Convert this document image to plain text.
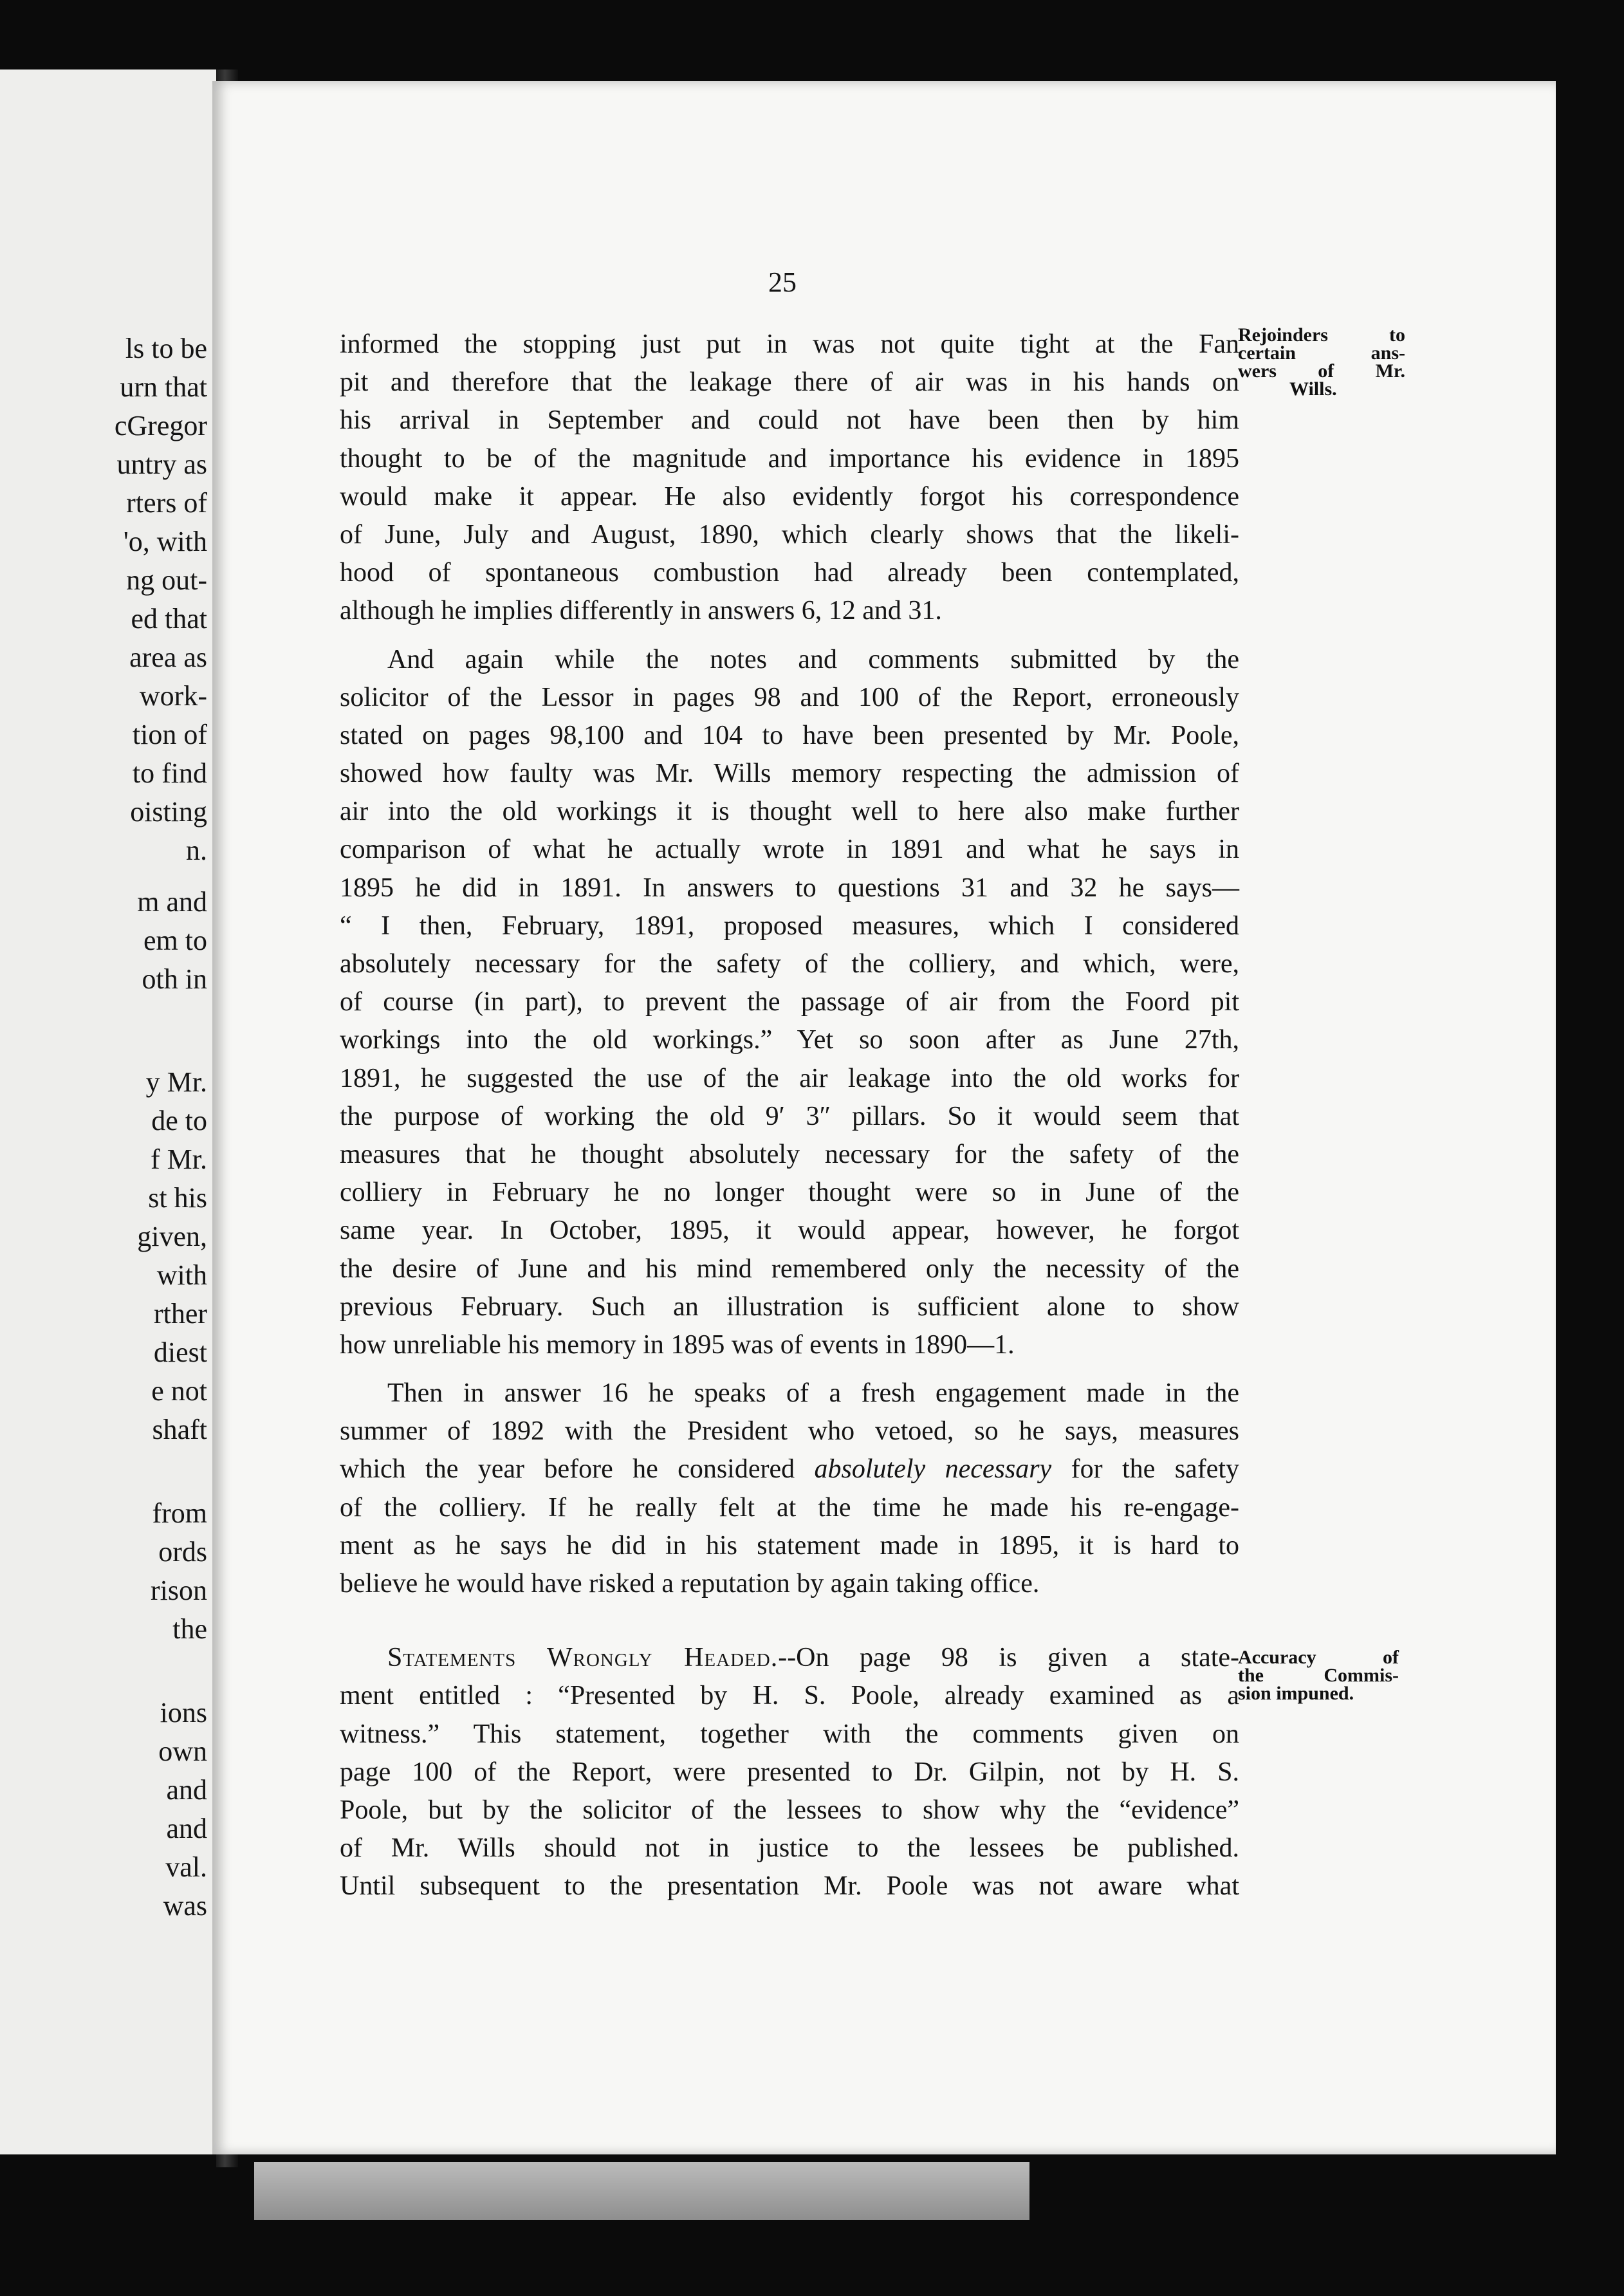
ls to be
urn that
cGregor
untry as
rters of
'o, with
ng out-
ed that
area as
work-
tion of
to find
oisting
n.
m and
em to
oth in
y Mr.
de to
f Mr.
st his
given,
with
rther
diest
e not
shaft
from
ords
rison
the
ions
own
and
and
val.
was
25
Rejoinders to
certain ans-
wers of Mr.
Wills.
Accuracy of
the Commis-
sion impuned.
informed the stopping just put in was not quite tight at the Fan
pit and therefore that the leakage there of air was in his hands on
his arrival in September and could not have been then by him
thought to be of the magnitude and importance his evidence in 1895
would make it appear. He also evidently forgot his correspondence
of June, July and August, 1890, which clearly shows that the likeli-
hood of spontaneous combustion had already been contemplated,
although he implies differently in answers 6, 12 and 31.
And again while the notes and comments submitted by the
solicitor of the Lessor in pages 98 and 100 of the Report, erroneously
stated on pages 98,100 and 104 to have been presented by Mr. Poole,
showed how faulty was Mr. Wills memory respecting the admission of
air into the old workings it is thought well to here also make further
comparison of what he actually wrote in 1891 and what he says in
1895 he did in 1891. In answers to questions 31 and 32 he says—
“ I then, February, 1891, proposed measures, which I considered
absolutely necessary for the safety of the colliery, and which, were,
of course (in part), to prevent the passage of air from the Foord pit
workings into the old workings.” Yet so soon after as June 27th,
1891, he suggested the use of the air leakage into the old works for
the purpose of working the old 9′ 3″ pillars. So it would seem that
measures that he thought absolutely necessary for the safety of the
colliery in February he no longer thought were so in June of the
same year. In October, 1895, it would appear, however, he forgot
the desire of June and his mind remembered only the necessity of the
previous February. Such an illustration is sufficient alone to show
how unreliable his memory in 1895 was of events in 1890—1.
Then in answer 16 he speaks of a fresh engagement made in the
summer of 1892 with the President who vetoed, so he says, measures
which the year before he considered absolutely necessary for the safety
of the colliery. If he really felt at the time he made his re-engage-
ment as he says he did in his statement made in 1895, it is hard to
believe he would have risked a reputation by again taking office.
Statements Wrongly Headed.--On page 98 is given a state-
ment entitled : “Presented by H. S. Poole, already examined as a
witness.” This statement, together with the comments given on
page 100 of the Report, were presented to Dr. Gilpin, not by H. S.
Poole, but by the solicitor of the lessees to show why the “evidence”
of Mr. Wills should not in justice to the lessees be published.
Until subsequent to the presentation Mr. Poole was not aware what
